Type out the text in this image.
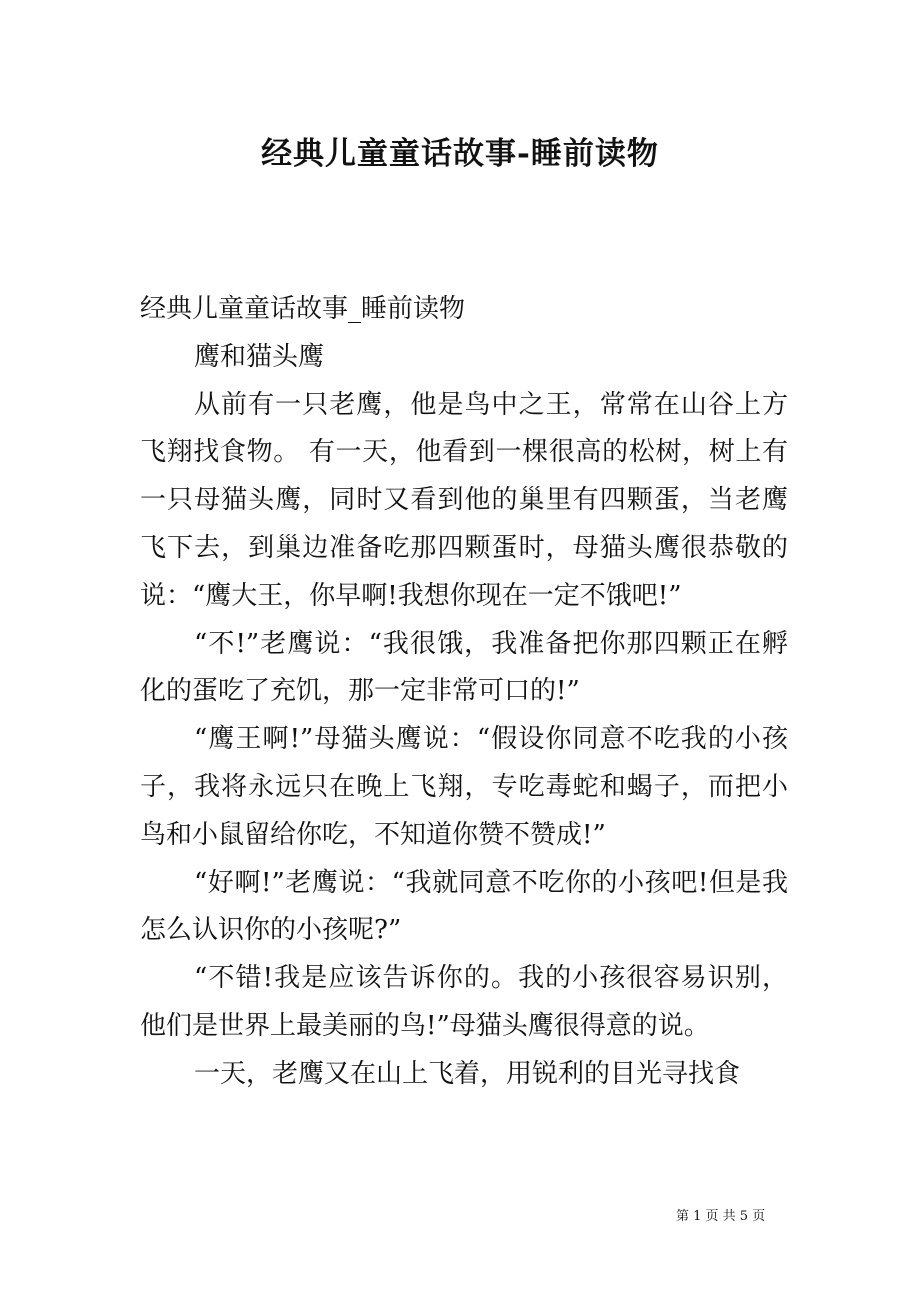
经典儿童童话故事-睡前读物

经典儿童童话故事_睡前读物

鹰和猫头鹰

从前有一只老鹰，他是鸟中之王，常常在山谷上方飞翔找食物。 有一天，他看到一棵很高的松树，树上有一只母猫头鹰，同时又看到他的巢里有四颗蛋，当老鹰飞下去，到巢边准备吃那四颗蛋时，母猫头鹰很恭敬的说：“鹰大王，你早啊!我想你现在一定不饿吧!”

“不!”老鹰说：“我很饿，我准备把你那四颗正在孵化的蛋吃了充饥，那一定非常可口的!”

“鹰王啊!”母猫头鹰说：“假设你同意不吃我的小孩子，我将永远只在晚上飞翔，专吃毒蛇和蝎子，而把小鸟和小鼠留给你吃，不知道你赞不赞成!”

“好啊!”老鹰说：“我就同意不吃你的小孩吧!但是我怎么认识你的小孩呢?”

“不错!我是应该告诉你的。我的小孩很容易识别，他们是世界上最美丽的鸟!”母猫头鹰很得意的说。

一天，老鹰又在山上飞着，用锐利的目光寻找食

第 1 页 共 5 页
